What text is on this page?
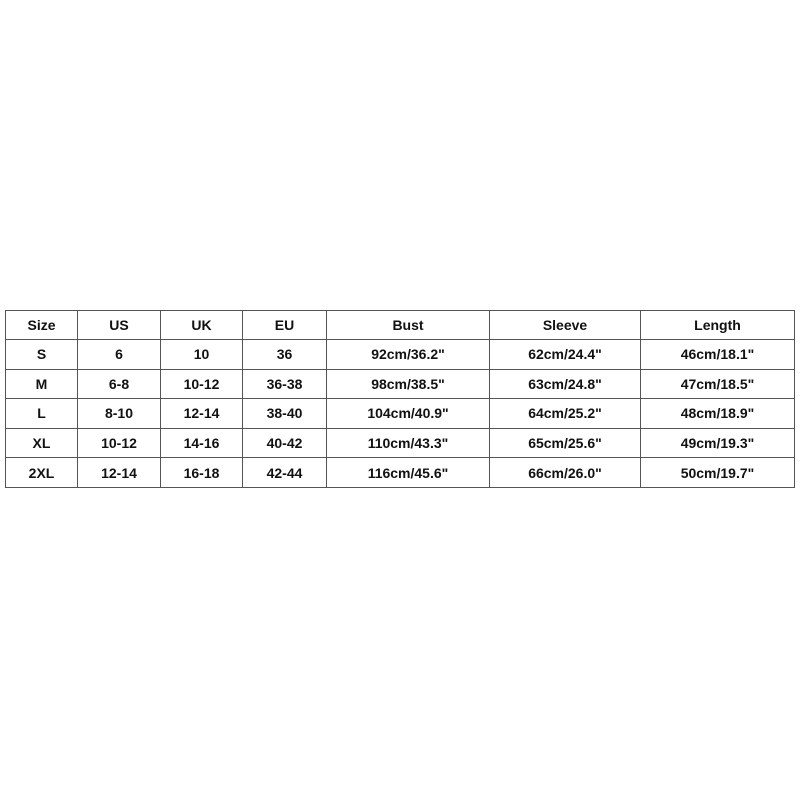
Size	US	UK	EU	Bust	Sleeve	Length
S	6	10	36	92cm/36.2"	62cm/24.4"	46cm/18.1"
M	6-8	10-12	36-38	98cm/38.5"	63cm/24.8"	47cm/18.5"
L	8-10	12-14	38-40	104cm/40.9"	64cm/25.2"	48cm/18.9"
XL	10-12	14-16	40-42	110cm/43.3"	65cm/25.6"	49cm/19.3"
2XL	12-14	16-18	42-44	116cm/45.6"	66cm/26.0"	50cm/19.7"
